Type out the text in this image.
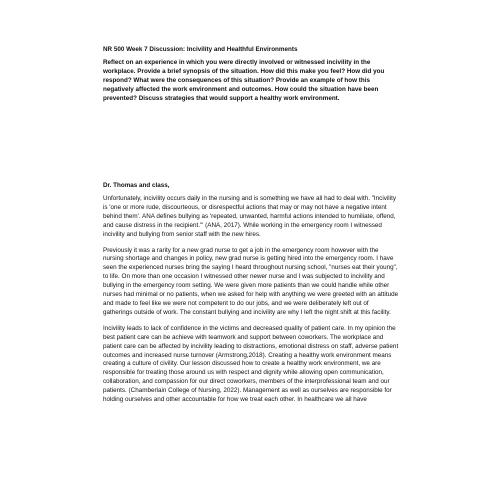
NR 500 Week 7 Discussion: Incivility and Healthful Environments
Reflect on an experience in which you were directly involved or witnessed incivility in the workplace. Provide a brief synopsis of the situation. How did this make you feel? How did you respond? What were the consequences of this situation? Provide an example of how this negatively affected the work environment and outcomes. How could the situation have been prevented? Discuss strategies that would support a healthy work environment.
Dr. Thomas and class,

Unfortunately, incivility occurs daily in the nursing and is something we have all had to deal with. "Incivility is 'one or more rude, discourteous, or disrespectful actions that may or may not have a negative intent behind them'. ANA defines bullying as 'repeated, unwanted, harmful actions intended to humiliate, offend, and cause distress in the recipient.'" (ANA, 2017). While working in the emergency room I witnessed incivility and bullying from senior staff with the new hires.

Previously it was a rarity for a new grad nurse to get a job in the emergency room however with the nursing shortage and changes in policy, new grad nurse is getting hired into the emergency room. I have seen the experienced nurses bring the saying I heard throughout nursing school, "nurses eat their young", to life. On more than one occasion I witnessed other newer nurse and I was subjected to incivility and bullying in the emergency room setting. We were given more patients than we could handle while other nurses had minimal or no patients, when we asked for help with anything we were greeted with an attitude and made to feel like we were not competent to do our jobs, and we were deliberately left out of gatherings outside of work. The constant bullying and incivility are why I left the night shift at this facility.

Incivility leads to lack of confidence in the victims and decreased quality of patient care. In my opinion the best patient care can be achieve with teamwork and support between coworkers. The workplace and patient care can be affected by incivility leading to distractions, emotional distress on staff, adverse patient outcomes and increased nurse turnover (Armstrong,2018). Creating a healthy work environment means creating a culture of civility. Our lesson discussed how to create a healthy work environment, we are responsible for treating those around us with respect and dignity while allowing open communication, collaboration, and compassion for our direct coworkers, members of the interprofessional team and our patients. (Chamberlain College of Nursing, 2022). Management as well as ourselves are responsible for holding ourselves and other accountable for how we treat each other. In healthcare we all have
